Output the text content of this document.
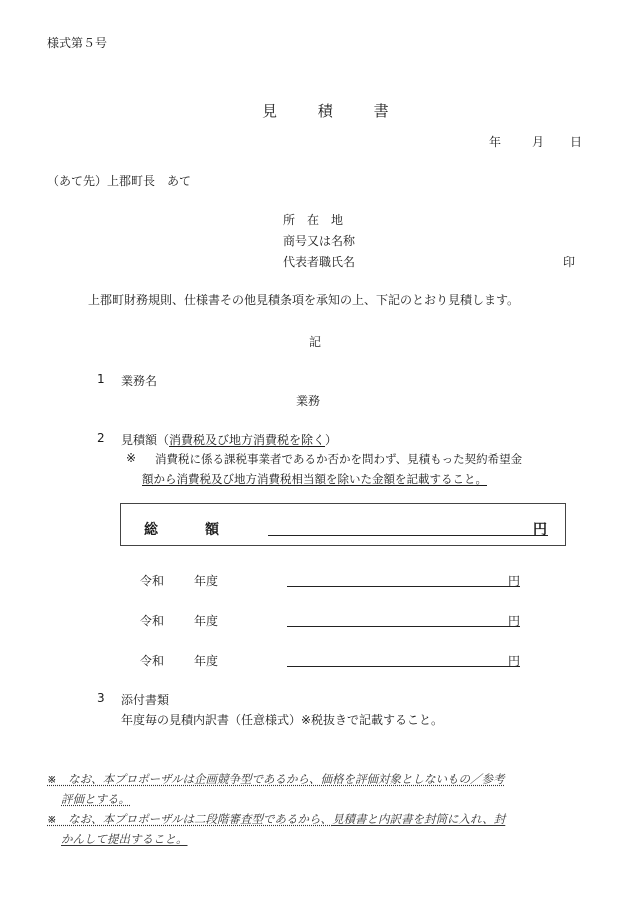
様式第５号
見	積	書
年	月 日
（あて先）上郡町長　あて
所　在　地
商号又は名称
代表者職氏名	印
上郡町財務規則、仕様書その他見積条項を承知の上、下記のとおり見積します。
記
1 業務名
業務
2 見積額（消費税及び地方消費税を除く）
※ 消費税に係る課税事業者であるか否かを問わず、見積もった契約希望金
額から消費税及び地方消費税相当額を除いた金額を記載すること。
総	額	円
令和 年度	円
令和 年度	円
令和 年度	円
3 添付書類
年度毎の見積内訳書（任意様式）※税抜きで記載すること。
※　なお、本プロポーザルは企画競争型であるから、価格を評価対象としないもの／参考
評価とする。
※　なお、本プロポーザルは二段階審査型であるから、見積書と内訳書を封筒に入れ、封
かんして提出すること。
